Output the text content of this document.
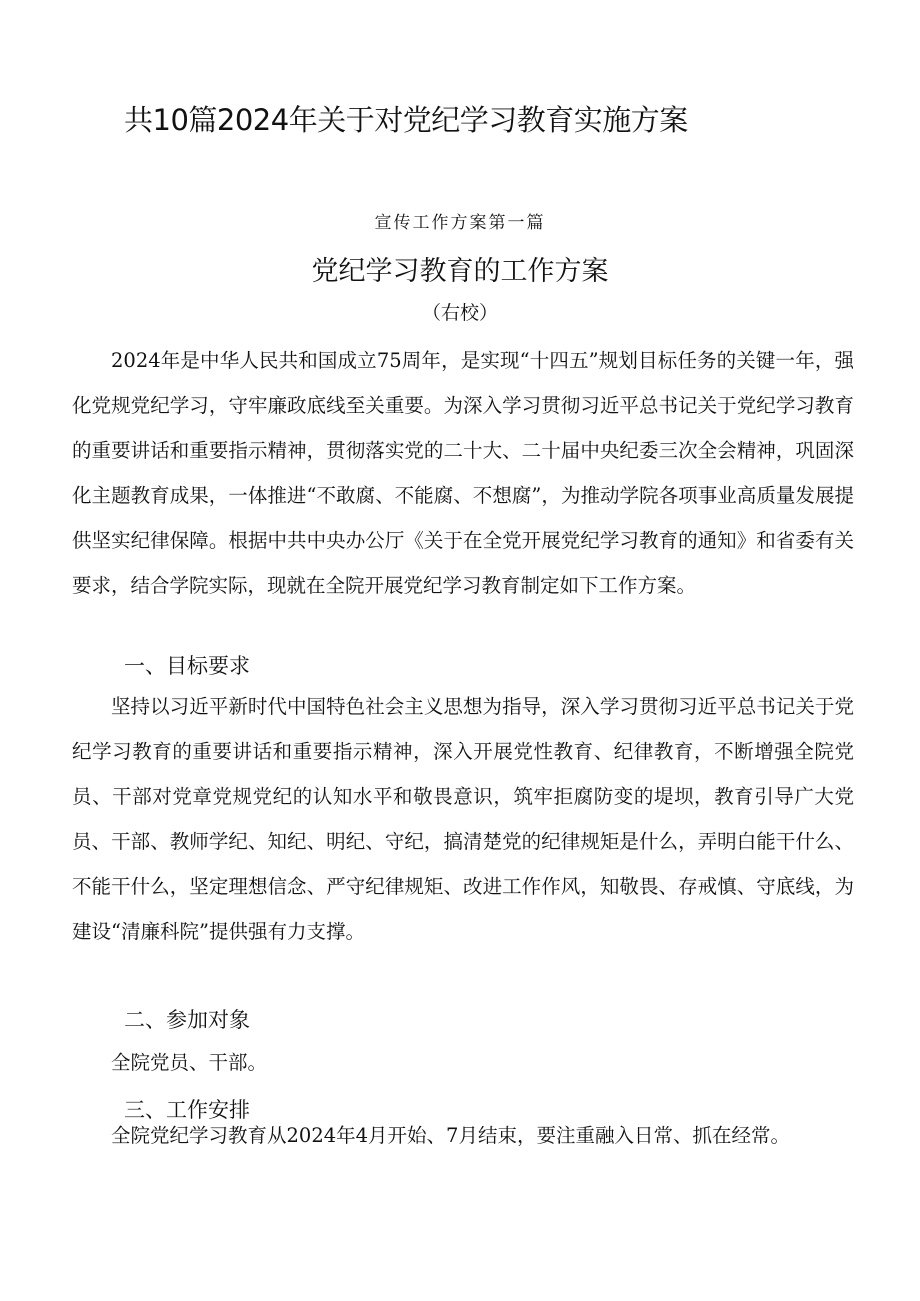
共10篇2024年关于对党纪学习教育实施方案
宣传工作方案第一篇
党纪学习教育的工作方案
（右校）

2024年是中华人民共和国成立75周年，是实现“十四五”规划目标任务的关键一年，强化党规党纪学习，守牢廉政底线至关重要。为深入学习贯彻习近平总书记关于党纪学习教育的重要讲话和重要指示精神，贯彻落实党的二十大、二十届中央纪委三次全会精神，巩固深化主题教育成果，一体推进“不敢腐、不能腐、不想腐”，为推动学院各项事业高质量发展提供坚实纪律保障。根据中共中央办公厅《关于在全党开展党纪学习教育的通知》和省委有关要求，结合学院实际，现就在全院开展党纪学习教育制定如下工作方案。

一、目标要求

坚持以习近平新时代中国特色社会主义思想为指导，深入学习贯彻习近平总书记关于党纪学习教育的重要讲话和重要指示精神，深入开展党性教育、纪律教育，不断增强全院党员、干部对党章党规党纪的认知水平和敬畏意识，筑牢拒腐防变的堤坝，教育引导广大党员、干部、教师学纪、知纪、明纪、守纪，搞清楚党的纪律规矩是什么，弄明白能干什么、不能干什么，坚定理想信念、严守纪律规矩、改进工作作风，知敬畏、存戒慎、守底线，为建设“清廉科院”提供强有力支撑。

二、参加对象

全院党员、干部。

三、工作安排

全院党纪学习教育从2024年4月开始、7月结束，要注重融入日常、抓在经常。
